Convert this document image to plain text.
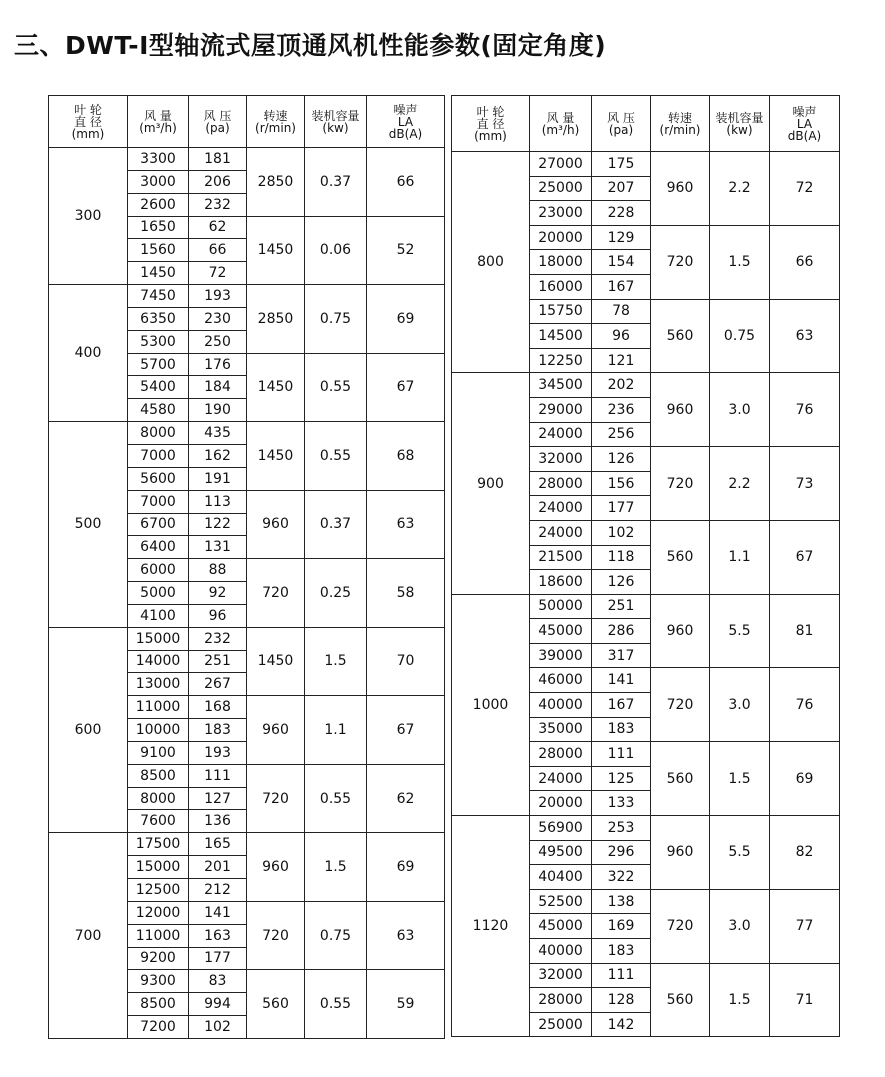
三、DWT-I型轴流式屋顶通风机性能参数(固定角度)
叶 轮
直 径
(mm)	风 量
(m³/h)	风 压
(pa)	转速
(r/min)	装机容量
(kw)	噪声
LA
dB(A)

300	3300	181	2850	0.37	66
	3000	206			
	2600	232			
	1650	62	1450	0.06	52
	1560	66			
	1450	72			
400	7450	193	2850	0.75	69
	6350	230			
	5300	250			
	5700	176	1450	0.55	67
	5400	184			
	4580	190			
500	8000	435	1450	0.55	68
	7000	162			
	5600	191			
	7000	113	960	0.37	63
	6700	122			
	6400	131			
	6000	88	720	0.25	58
	5000	92			
	4100	96			
600	15000	232	1450	1.5	70
	14000	251			
	13000	267			
	11000	168	960	1.1	67
	10000	183			
	9100	193			
	8500	111	720	0.55	62
	8000	127			
	7600	136			
700	17500	165	960	1.5	69
	15000	201			
	12500	212			
	12000	141	720	0.75	63
	11000	163			
	9200	177			
	9300	83	560	0.55	59
	8500	994			
	7200	102			
叶 轮
直 径
(mm)	风 量
(m³/h)	风 压
(pa)	转速
(r/min)	装机容量
(kw)	噪声
LA
dB(A)

800	27000	175	960	2.2	72
	25000	207			
	23000	228			
	20000	129	720	1.5	66
	18000	154			
	16000	167			
	15750	78	560	0.75	63
	14500	96			
	12250	121			
900	34500	202	960	3.0	76
	29000	236			
	24000	256			
	32000	126	720	2.2	73
	28000	156			
	24000	177			
	24000	102	560	1.1	67
	21500	118			
	18600	126			
1000	50000	251	960	5.5	81
	45000	286			
	39000	317			
	46000	141	720	3.0	76
	40000	167			
	35000	183			
	28000	111	560	1.5	69
	24000	125			
	20000	133			
1120	56900	253	960	5.5	82
	49500	296			
	40400	322			
	52500	138	720	3.0	77
	45000	169			
	40000	183			
	32000	111	560	1.5	71
	28000	128			
	25000	142			
